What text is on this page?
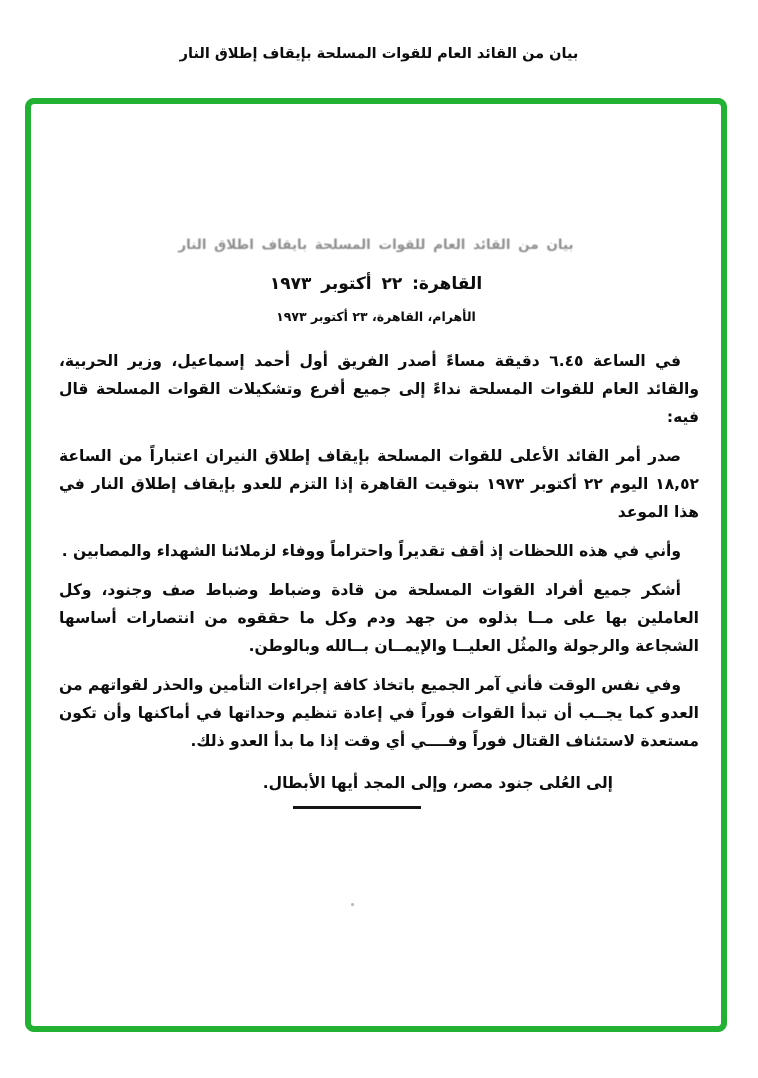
بيان من القائد العام للقوات المسلحة بإيقاف إطلاق النار
بيان من القائد العام للقوات المسلحة بايقاف اطلاق النار
القاهرة: ٢٢ أكتوبر ١٩٧٣
الأهرام، القاهرة، ٢٣ أكتوبر ١٩٧٣

في الساعة ٦.٤٥ دقيقة مساءً أصدر الفريق أول أحمد إسماعيل، وزير الحربية، والقائد العام للقوات المسلحة نداءً إلى جميع أفرع وتشكيلات القوات المسلحة قال فيه:

صدر أمر القائد الأعلى للقوات المسلحة بإيقاف إطلاق النيران اعتباراً من الساعة ١٨,٥٢ اليوم ٢٢ أكتوبر ١٩٧٣ بتوقيت القاهرة إذا التزم للعدو بإيقاف إطلاق النار في هذا الموعد

وأني في هذه اللحظات إذ أقف تقديراً واحتراماً ووفاء لزملائنا الشهداء والمصابين .

أشكر جميع أفراد القوات المسلحة من قادة وضباط وضباط صف وجنود، وكل العاملين بها على مــا بذلوه من جهد ودم وكل ما حققوه من انتصارات أساسها الشجاعة والرجولة والمثُل العليــا والإيمــان بــالله وبالوطن.

وفي نفس الوقت فأني آمر الجميع باتخاذ كافة إجراءات التأمين والحذر لقواتهم من العدو كما يجــب أن تبدأ القوات فوراً في إعادة تنظيم وحداتها في أماكنها وأن تكون مستعدة لاستئناف القتال فوراً وفــــي أي وقت إذا ما بدأ العدو ذلك.

إلى العُلى جنود مصر، وإلى المجد أيها الأبطال.
